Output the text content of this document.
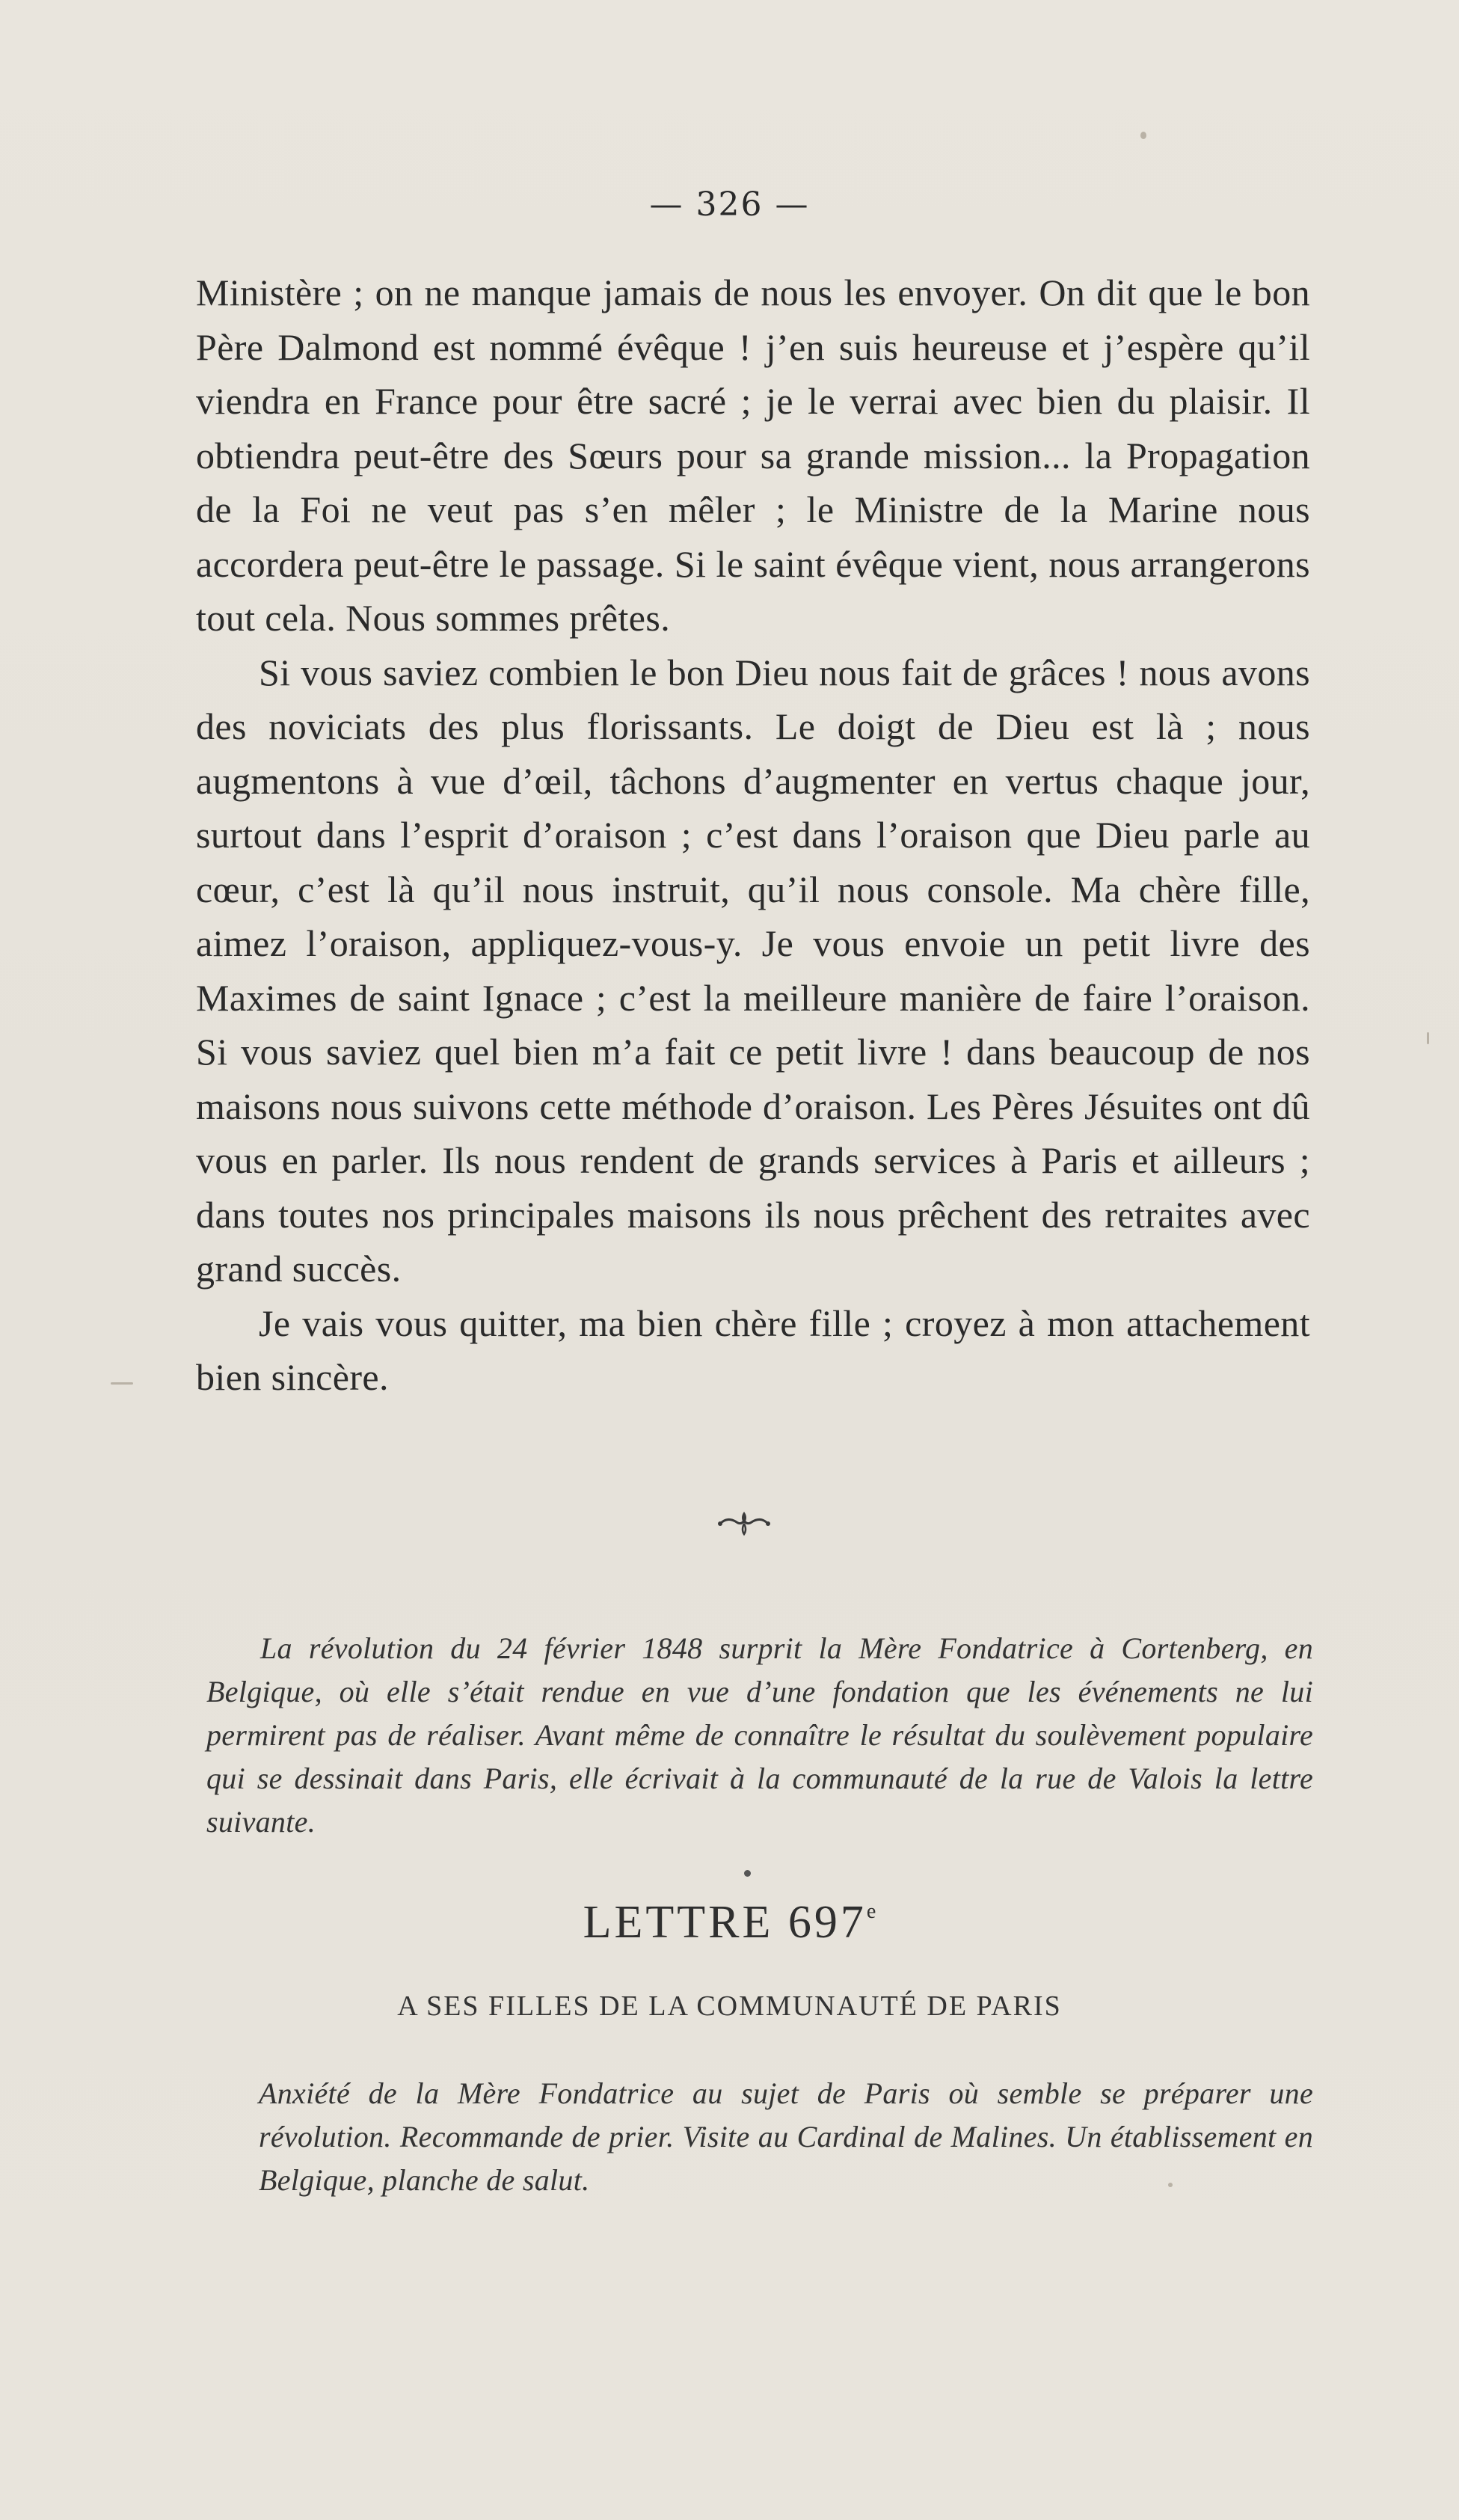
— 326 —

Ministère ; on ne manque jamais de nous les envoyer. On dit que le bon Père Dalmond est nommé évêque ! j’en suis heureuse et j’espère qu’il viendra en France pour être sacré ; je le verrai avec bien du plaisir. Il obtiendra peut-être des Sœurs pour sa grande mission... la Propagation de la Foi ne veut pas s’en mêler ; le Ministre de la Marine nous accordera peut-être le passage. Si le saint évêque vient, nous arrangerons tout cela. Nous sommes prêtes.

Si vous saviez combien le bon Dieu nous fait de grâces ! nous avons des noviciats des plus florissants. Le doigt de Dieu est là ; nous augmentons à vue d’œil, tâchons d’augmenter en vertus chaque jour, surtout dans l’esprit d’oraison ; c’est dans l’oraison que Dieu parle au cœur, c’est là qu’il nous instruit, qu’il nous console. Ma chère fille, aimez l’oraison, appliquez-vous-y. Je vous envoie un petit livre des Maximes de saint Ignace ; c’est la meilleure manière de faire l’oraison. Si vous saviez quel bien m’a fait ce petit livre ! dans beaucoup de nos maisons nous suivons cette méthode d’oraison. Les Pères Jésuites ont dû vous en parler. Ils nous rendent de grands services à Paris et ailleurs ; dans toutes nos principales maisons ils nous prêchent des retraites avec grand succès.

Je vais vous quitter, ma bien chère fille ; croyez à mon attachement bien sincère.

La révolution du 24 février 1848 surprit la Mère Fondatrice à Cortenberg, en Belgique, où elle s’était rendue en vue d’une fondation que les événements ne lui permirent pas de réaliser. Avant même de connaître le résultat du soulèvement populaire qui se dessinait dans Paris, elle écrivait à la communauté de la rue de Valois la lettre suivante.
LETTRE 697e
A SES FILLES DE LA COMMUNAUTÉ DE PARIS
Anxiété de la Mère Fondatrice au sujet de Paris où semble se préparer une révolution. Recommande de prier. Visite au Cardinal de Malines. Un établissement en Belgique, planche de salut.
